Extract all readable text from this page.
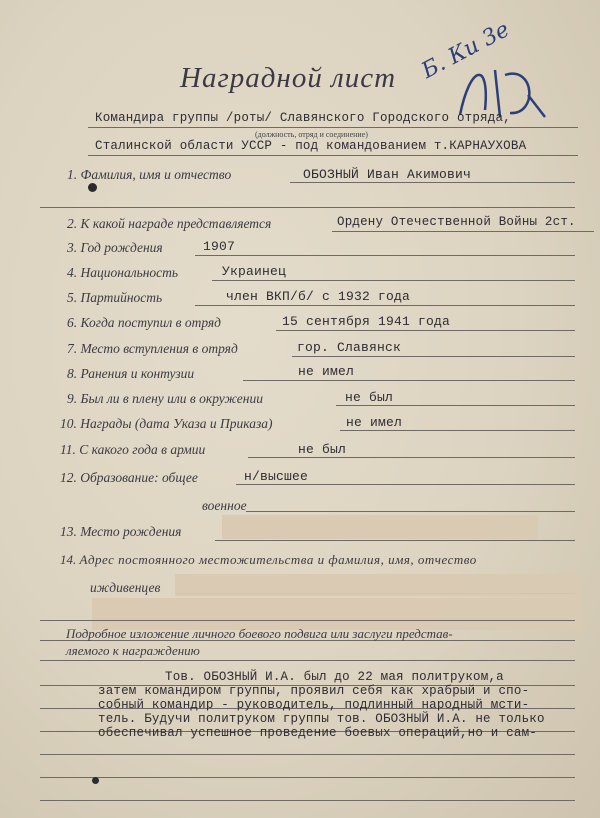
Б. Ки 3е
Наградной лист
Командира группы /роты/ Славянского Городского отряда,
(должность, отряд и соединение)
Сталинской области УССР - под командованием т.КАРНАУХОВА
1. Фамилия, имя и отчество	ОБОЗНЫЙ Иван Акимович
2. К какой награде представляется	Ордену Отечественной Войны 2ст.
3. Год рождения	1907
4. Национальность	Украинец
5. Партийность	член ВКП/б/ с 1932 года
6. Когда поступил в отряд	15 сентября 1941 года
7. Место вступления в отряд	гор. Славянск
8. Ранения и контузии	не имел
9. Был ли в плену или в окружении	не был
10. Награды (дата Указа и Приказа)	не имел
11. С какого года в армии	не был
12. Образование: общее	н/высшее
военное
13. Место рождения
14. Адрес постоянного местожительства и фамилия, имя, отчество
иждивенцев
Подробное изложение личного боевого подвига или заслуги представ-
ляемого к награждению
Тов. ОБОЗНЫЙ И.А. был до 22 мая политруком,а
затем командиром группы, проявил себя как храбрый и спо-
собный командир - руководитель, подлинный народный мсти-
тель. Будучи политруком группы тов. ОБОЗНЫЙ И.А. не только
обеспечивал успешное проведение боевых операций,но и сам-
